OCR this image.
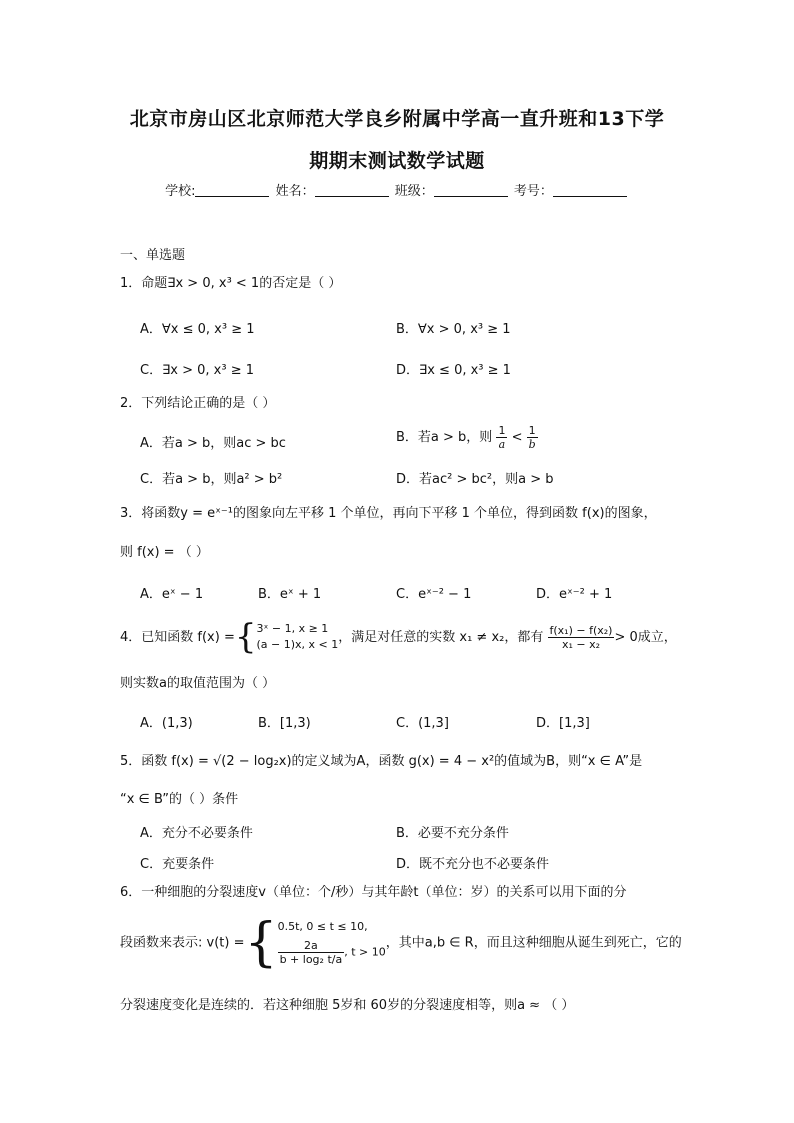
北京市房山区北京师范大学良乡附属中学高一直升班和13下学
期期末测试数学试题
学校:	姓名：	班级：	考号：
一、单选题
1．命题∃x > 0, x³ < 1的否定是（ ）
A．∀x ≤ 0, x³ ≥ 1	B．∀x > 0, x³ ≥ 1
C．∃x > 0, x³ ≥ 1	D．∃x ≤ 0, x³ ≥ 1
2．下列结论正确的是（ ）
A．若a > b，则ac > bc	B．若a > b，则 $\frac{1}{a} < \frac{1}{b}$
C．若a > b，则a² > b²	D．若ac² > bc²，则a > b
3．将函数y = eˣ⁻¹的图象向左平移 1 个单位，再向下平移 1 个单位，得到函数 f(x)的图象，
则 f(x) = （ ）
A．eˣ − 1	B．eˣ + 1	C．eˣ⁻² − 1	D．eˣ⁻² + 1
4．已知函数 f(x) ={ 3ˣ − 1, x ≥ 1
(a − 1)x, x < 1 ，满足对任意的实数 x₁ ≠ x₂，都有 $\frac{\text{f(x₁) − f(x₂)}}{\text{x₁ − x₂}} > 0$成立，
则实数a的取值范围为（ ）
A．(1,3)	B．[1,3)	C．(1,3]	D．[1,3]
5．函数 f(x) = √(2 − log₂x)的定义域为A，函数 g(x) = 4 − x²的值域为B，则“x ∈ A”是
“x ∈ B”的（ ）条件
A．充分不必要条件	B．必要不充分条件
C．充要条件	D．既不充分也不必要条件
6．一种细胞的分裂速度v（单位：个/秒）与其年龄t（单位：岁）的关系可以用下面的分
段函数来表示: v(t) ={ 0.5t, 0 ≤ t ≤ 10,
$\frac{2a}{\text{b + log₂ t/a}}$ , t > 10
，其中a,b ∈ R，而且这种细胞从诞生到死亡，它的
分裂速度变化是连续的．若这种细胞 5岁和 60岁的分裂速度相等，则a ≈ （ ）
